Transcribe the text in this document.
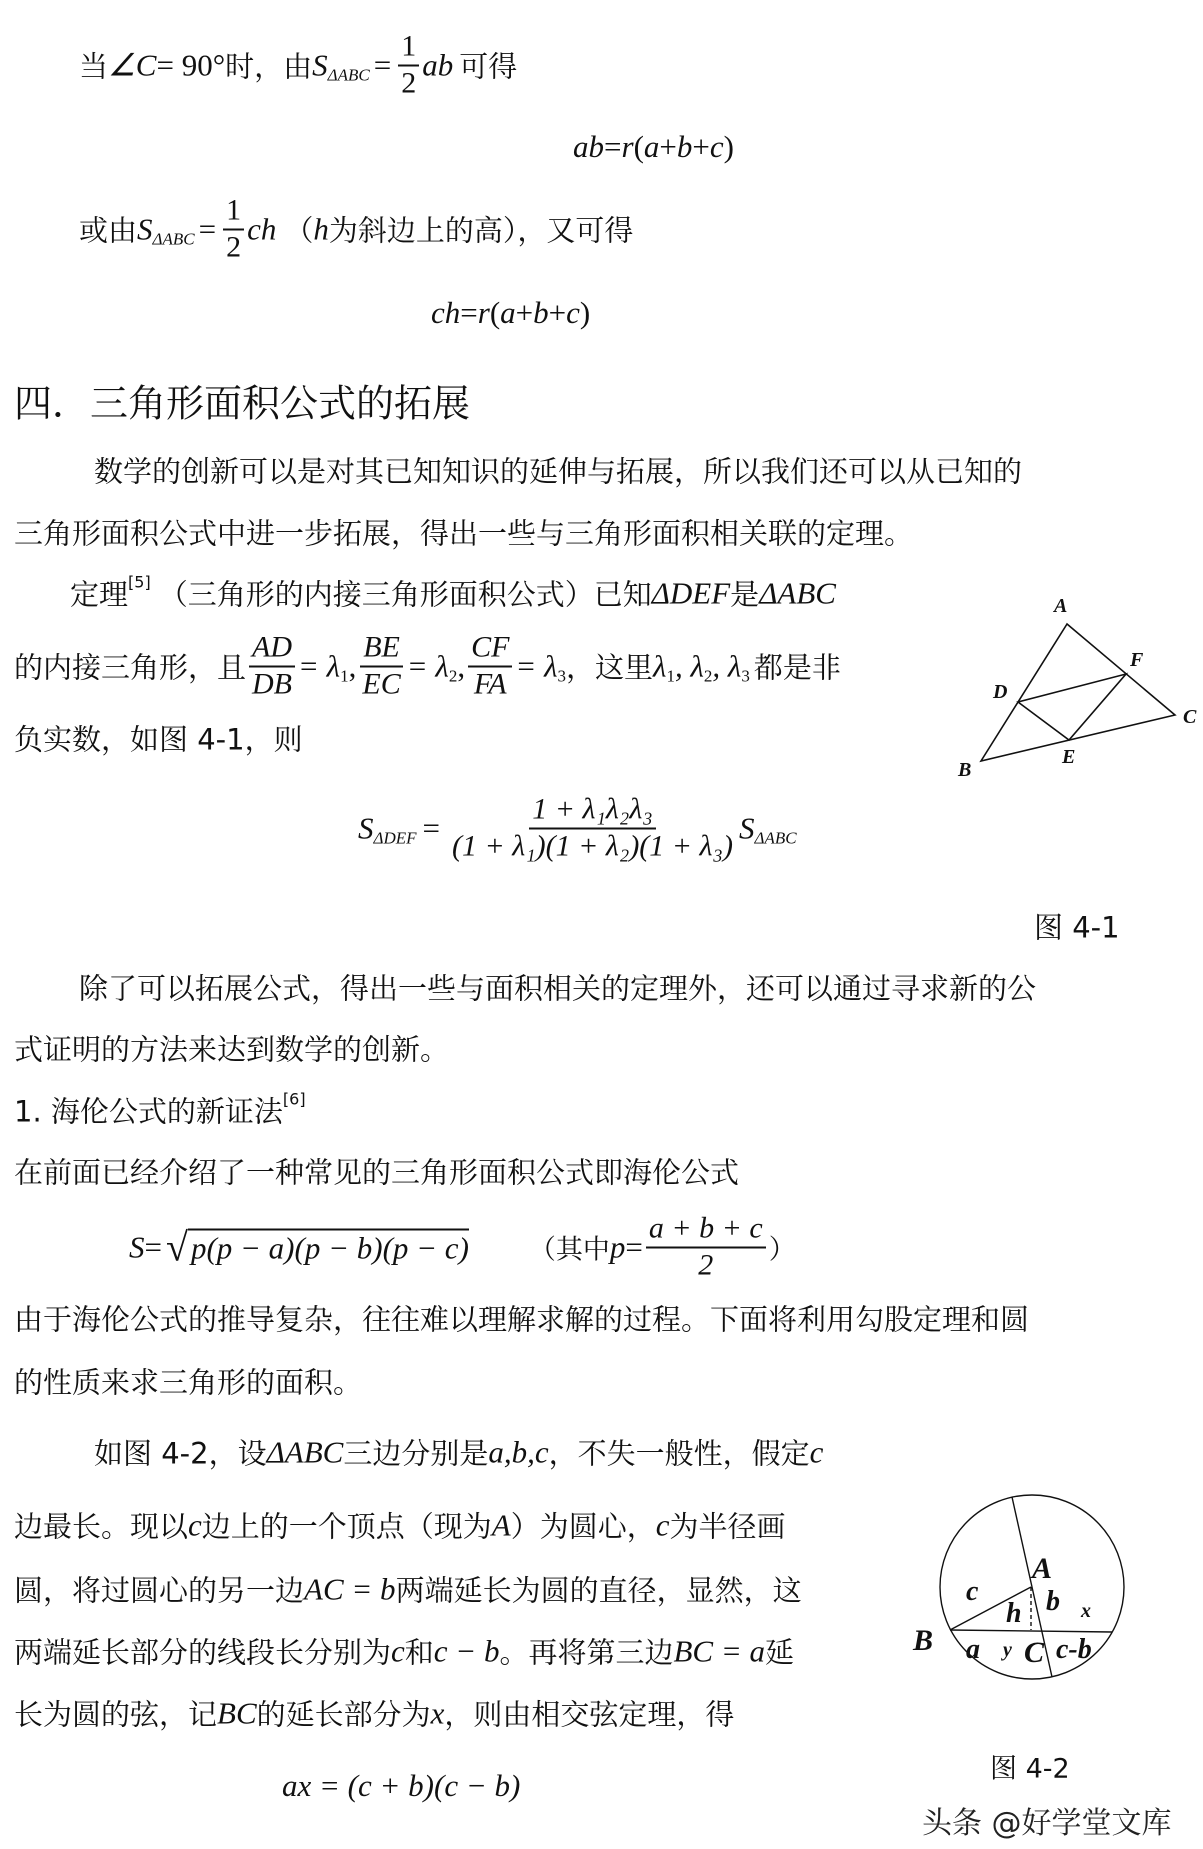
当 ∠C = 90° 时，由 S $\Delta ABC = \frac{1}{2}$ ab 可得
ab = r ( a + b + c )
或由 S $\Delta ABC = \frac{1}{2}$ ch （ h 为斜边上的高），又可得
ch = r ( a + b + c )
四．三角形面积公式的拓展
数学的创新可以是对其已知知识的延伸与拓展，所以我们还可以从已知的
三角形面积公式中进一步拓展，得出一些与三角形面积相关联的定理。
定理 [5] （三角形的内接三角形面积公式）已知 ΔDEF 是 ΔABC
的内接三角形，且 $\frac{AD}{DB} = \lambda$ 1 , $\frac{BE}{EC} = \lambda$ 2 , $\frac{CF}{FA} = \lambda$ 3 ，这里 λ 1 , λ 2 , λ 3 都是非
负实数，如图 4-1，则
S $\Delta DEF = \frac{\text{1 + λ₁λ₂λ₃}}{\text{(1 + λ₁)(1 + λ₂)(1 + λ₃)}}$ S ΔABC
A
B
C
D
E
F
A
B	C
c
h b
a	c-b
x
y
图 4-1
除了可以拓展公式，得出一些与面积相关的定理外，还可以通过寻求新的公
式证明的方法来达到数学的创新。
1. 海伦公式的新证法 [6]
在前面已经介绍了一种常见的三角形面积公式即海伦公式
S = √ p(p − a)(p − b)(p − c) （其中 $p = \frac{a + b + c}{2}$ ）
由于海伦公式的推导复杂，往往难以理解求解的过程。下面将利用勾股定理和圆
的性质来求三角形的面积。
如图 4-2，设 ΔABC 三边分别是 a,b,c ，不失一般性，假定 c
边最长。现以 c 边上的一个顶点（现为 A ）为圆心， c 为半径画
圆，将过圆心的另一边 AC = b 两端延长为圆的直径，显然，这
两端延长部分的线段长分别为 c 和 c − b 。再将第三边 BC = a 延
长为圆的弦，记 BC 的延长部分为 x ，则由相交弦定理，得
ax = (c + b)(c − b)	图 4-2
头条 @好学堂文库
